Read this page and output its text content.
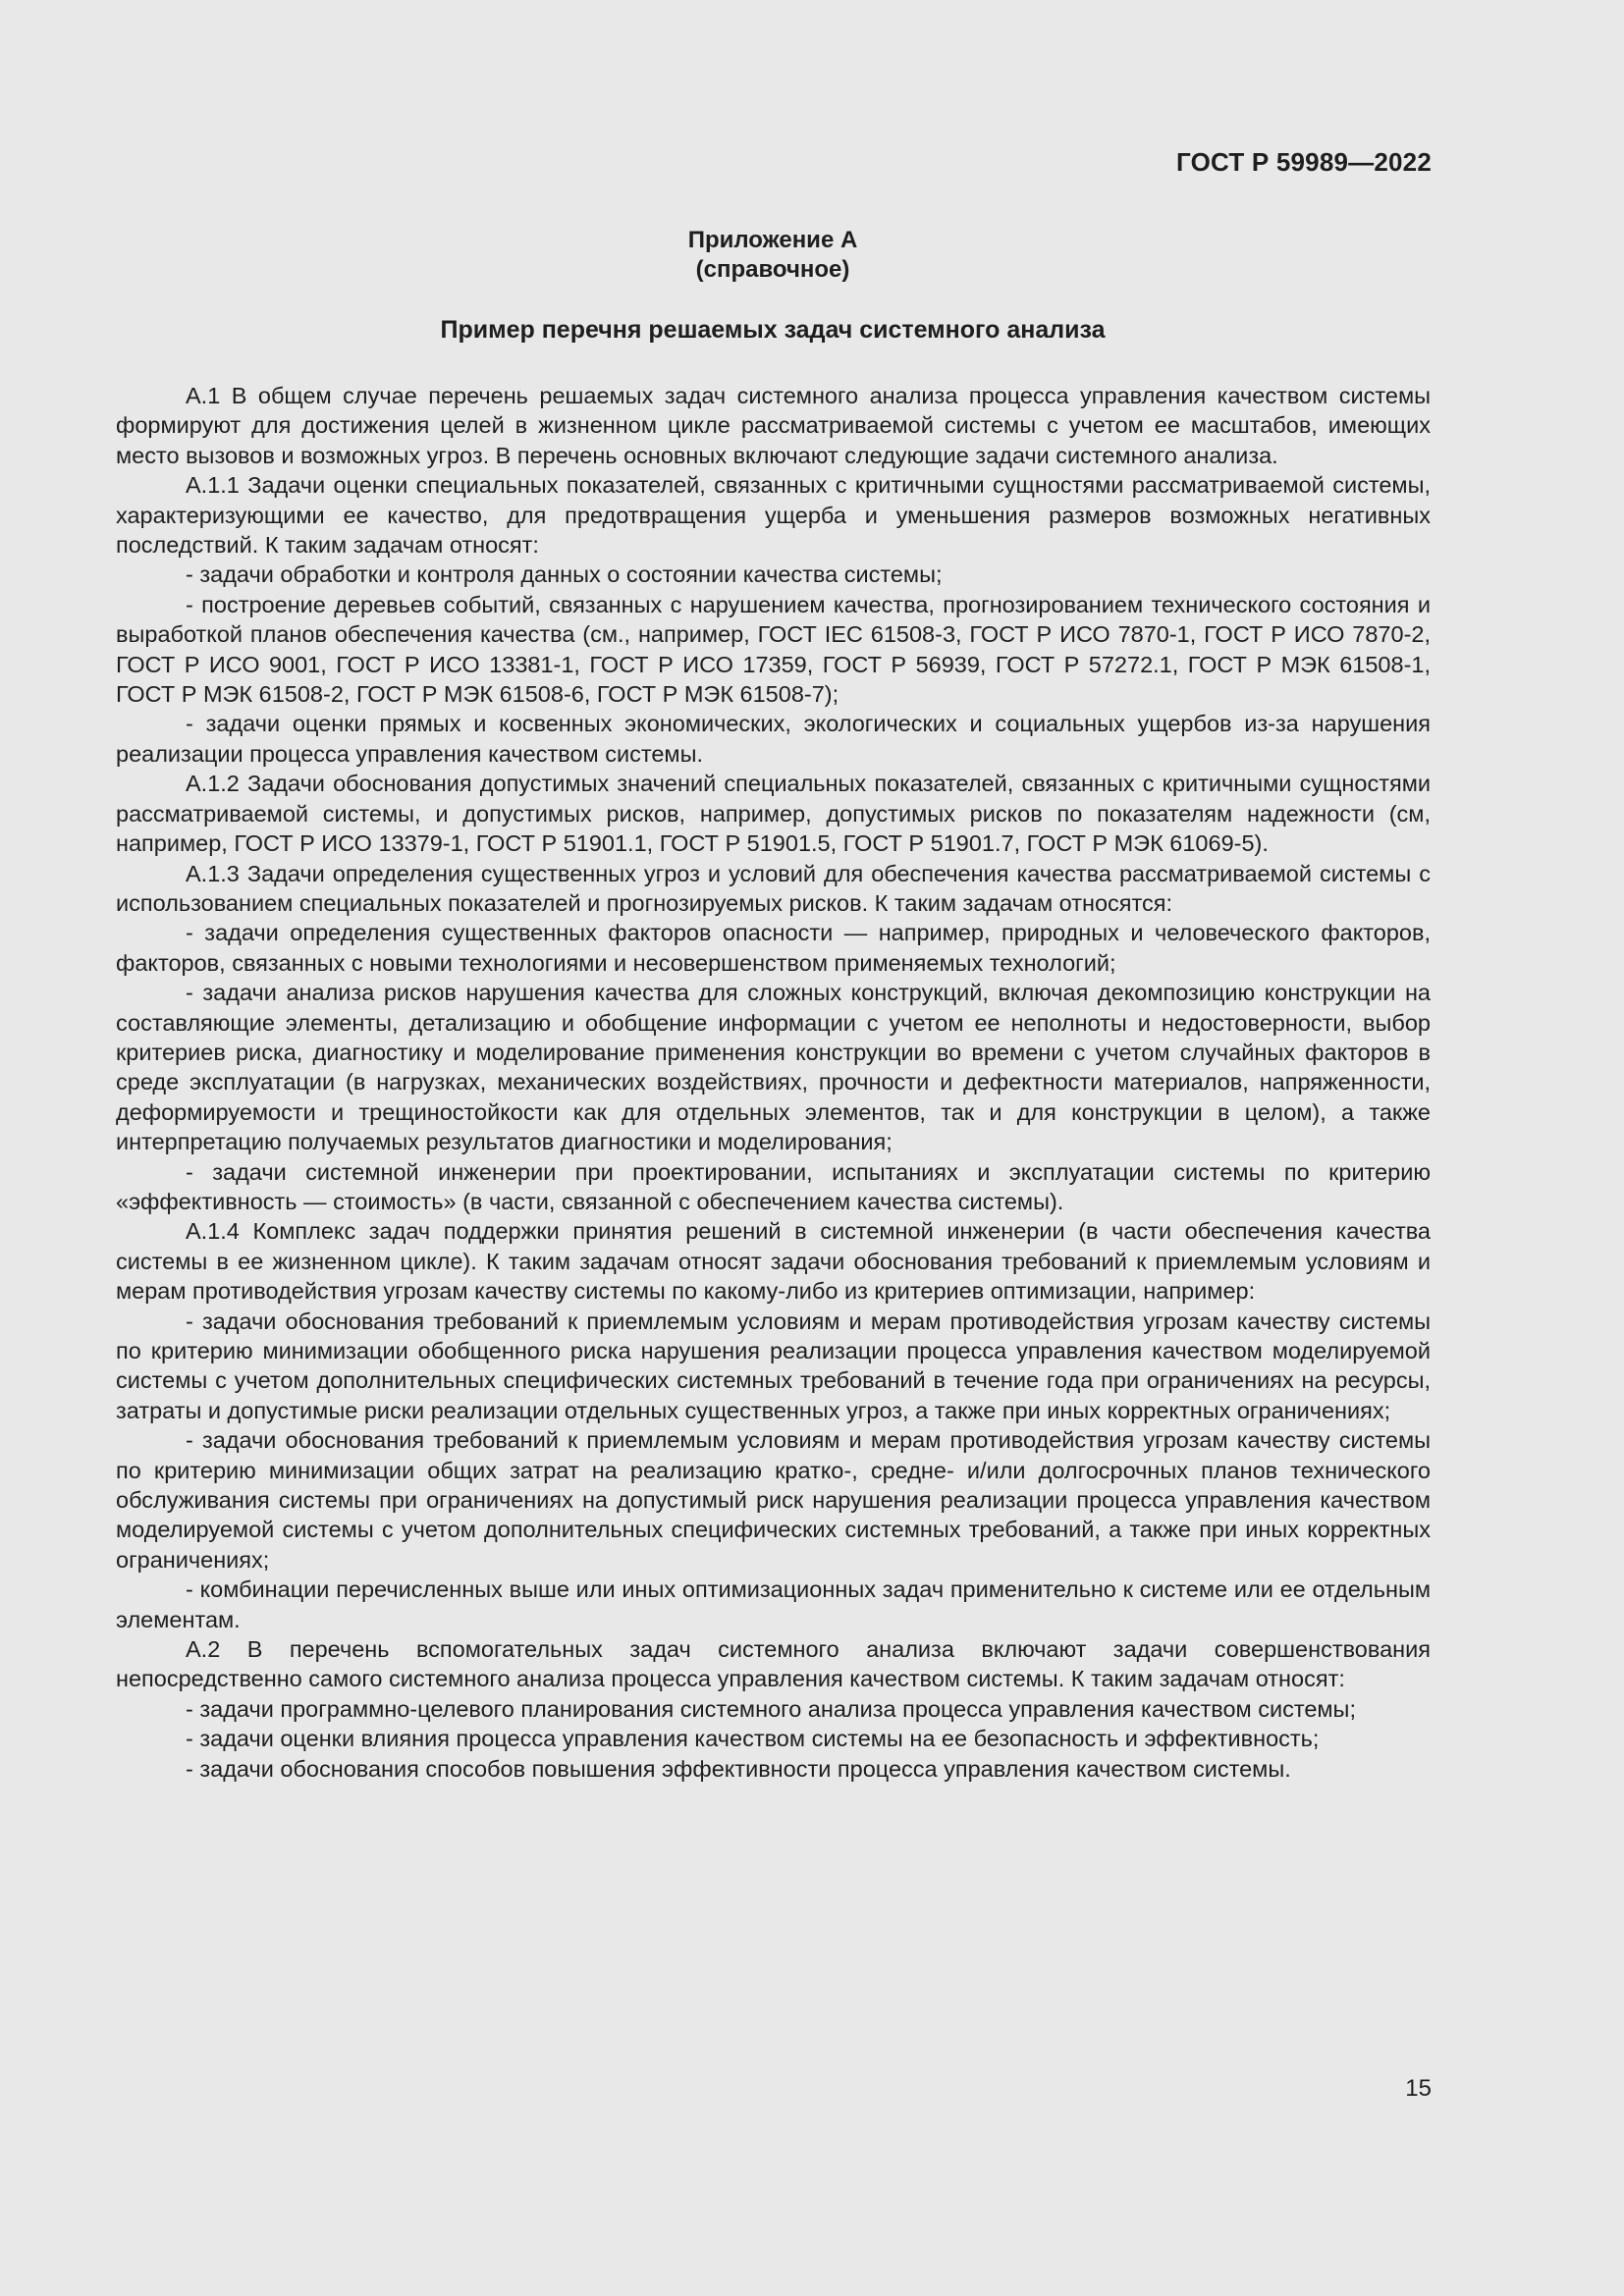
ГОСТ Р 59989—2022
Приложение А
(справочное)
Пример перечня решаемых задач системного анализа

А.1 В общем случае перечень решаемых задач системного анализа процесса управления качеством системы формируют для достижения целей в жизненном цикле рассматриваемой системы с учетом ее масштабов, имеющих место вызовов и возможных угроз. В перечень основных включают следующие задачи системного анализа.

А.1.1 Задачи оценки специальных показателей, связанных с критичными сущностями рассматриваемой системы, характеризующими ее качество, для предотвращения ущерба и уменьшения размеров возможных негативных последствий. К таким задачам относят:

- задачи обработки и контроля данных о состоянии качества системы;

- построение деревьев событий, связанных с нарушением качества, прогнозированием технического состояния и выработкой планов обеспечения качества (см., например, ГОСТ IEC 61508-3, ГОСТ Р ИСО 7870-1, ГОСТ Р ИСО 7870-2, ГОСТ Р ИСО 9001, ГОСТ Р ИСО 13381-1, ГОСТ Р ИСО 17359, ГОСТ Р 56939, ГОСТ Р 57272.1, ГОСТ Р МЭК 61508-1, ГОСТ Р МЭК 61508-2, ГОСТ Р МЭК 61508-6, ГОСТ Р МЭК 61508-7);

- задачи оценки прямых и косвенных экономических, экологических и социальных ущербов из-за нарушения реализации процесса управления качеством системы.

А.1.2 Задачи обоснования допустимых значений специальных показателей, связанных с критичными сущностями рассматриваемой системы, и допустимых рисков, например, допустимых рисков по показателям надежности (см, например, ГОСТ Р ИСО 13379-1, ГОСТ Р 51901.1, ГОСТ Р 51901.5, ГОСТ Р 51901.7, ГОСТ Р МЭК 61069-5).

А.1.3 Задачи определения существенных угроз и условий для обеспечения качества рассматриваемой системы с использованием специальных показателей и прогнозируемых рисков. К таким задачам относятся:

- задачи определения существенных факторов опасности — например, природных и человеческого факторов, факторов, связанных с новыми технологиями и несовершенством применяемых технологий;

- задачи анализа рисков нарушения качества для сложных конструкций, включая декомпозицию конструкции на составляющие элементы, детализацию и обобщение информации с учетом ее неполноты и недостоверности, выбор критериев риска, диагностику и моделирование применения конструкции во времени с учетом случайных факторов в среде эксплуатации (в нагрузках, механических воздействиях, прочности и дефектности материалов, напряженности, деформируемости и трещиностойкости как для отдельных элементов, так и для конструкции в целом), а также интерпретацию получаемых результатов диагностики и моделирования;

- задачи системной инженерии при проектировании, испытаниях и эксплуатации системы по критерию «эффективность — стоимость» (в части, связанной с обеспечением качества системы).

А.1.4 Комплекс задач поддержки принятия решений в системной инженерии (в части обеспечения качества системы в ее жизненном цикле). К таким задачам относят задачи обоснования требований к приемлемым условиям и мерам противодействия угрозам качеству системы по какому-либо из критериев оптимизации, например:

- задачи обоснования требований к приемлемым условиям и мерам противодействия угрозам качеству системы по критерию минимизации обобщенного риска нарушения реализации процесса управления качеством моделируемой системы с учетом дополнительных специфических системных требований в течение года при ограничениях на ресурсы, затраты и допустимые риски реализации отдельных существенных угроз, а также при иных корректных ограничениях;

- задачи обоснования требований к приемлемым условиям и мерам противодействия угрозам качеству системы по критерию минимизации общих затрат на реализацию кратко-, средне- и/или долгосрочных планов технического обслуживания системы при ограничениях на допустимый риск нарушения реализации процесса управления качеством моделируемой системы с учетом дополнительных специфических системных требований, а также при иных корректных ограничениях;

- комбинации перечисленных выше или иных оптимизационных задач применительно к системе или ее отдельным элементам.

А.2 В перечень вспомогательных задач системного анализа включают задачи совершенствования непосредственно самого системного анализа процесса управления качеством системы. К таким задачам относят:

- задачи программно-целевого планирования системного анализа процесса управления качеством системы;

- задачи оценки влияния процесса управления качеством системы на ее безопасность и эффективность;

- задачи обоснования способов повышения эффективности процесса управления качеством системы.

15
